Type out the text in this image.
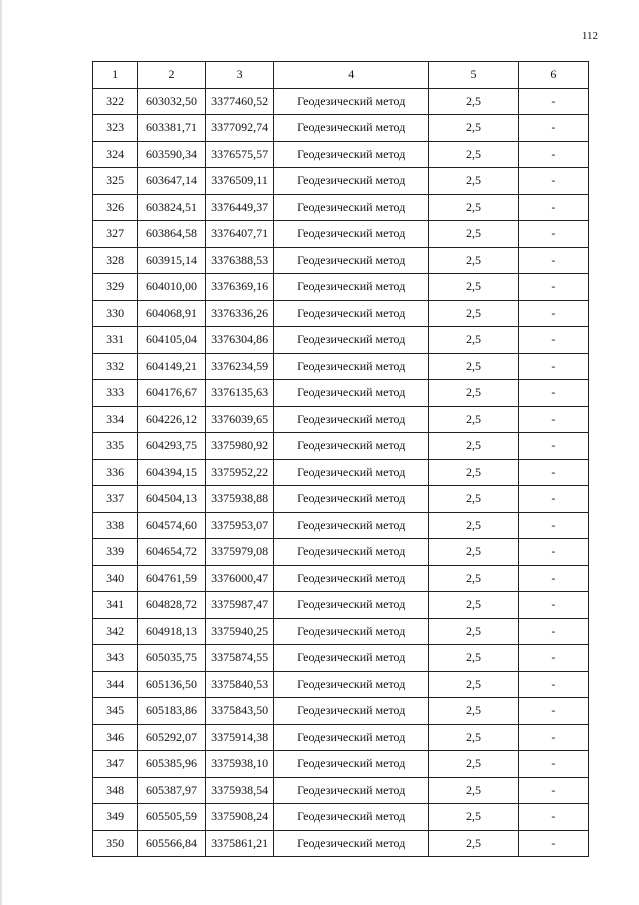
112
1	2	3	4	5	6
322	603032,50	3377460,52	Геодезический метод	2,5	-
323	603381,71	3377092,74	Геодезический метод	2,5	-
324	603590,34	3376575,57	Геодезический метод	2,5	-
325	603647,14	3376509,11	Геодезический метод	2,5	-
326	603824,51	3376449,37	Геодезический метод	2,5	-
327	603864,58	3376407,71	Геодезический метод	2,5	-
328	603915,14	3376388,53	Геодезический метод	2,5	-
329	604010,00	3376369,16	Геодезический метод	2,5	-
330	604068,91	3376336,26	Геодезический метод	2,5	-
331	604105,04	3376304,86	Геодезический метод	2,5	-
332	604149,21	3376234,59	Геодезический метод	2,5	-
333	604176,67	3376135,63	Геодезический метод	2,5	-
334	604226,12	3376039,65	Геодезический метод	2,5	-
335	604293,75	3375980,92	Геодезический метод	2,5	-
336	604394,15	3375952,22	Геодезический метод	2,5	-
337	604504,13	3375938,88	Геодезический метод	2,5	-
338	604574,60	3375953,07	Геодезический метод	2,5	-
339	604654,72	3375979,08	Геодезический метод	2,5	-
340	604761,59	3376000,47	Геодезический метод	2,5	-
341	604828,72	3375987,47	Геодезический метод	2,5	-
342	604918,13	3375940,25	Геодезический метод	2,5	-
343	605035,75	3375874,55	Геодезический метод	2,5	-
344	605136,50	3375840,53	Геодезический метод	2,5	-
345	605183,86	3375843,50	Геодезический метод	2,5	-
346	605292,07	3375914,38	Геодезический метод	2,5	-
347	605385,96	3375938,10	Геодезический метод	2,5	-
348	605387,97	3375938,54	Геодезический метод	2,5	-
349	605505,59	3375908,24	Геодезический метод	2,5	-
350	605566,84	3375861,21	Геодезический метод	2,5	-
